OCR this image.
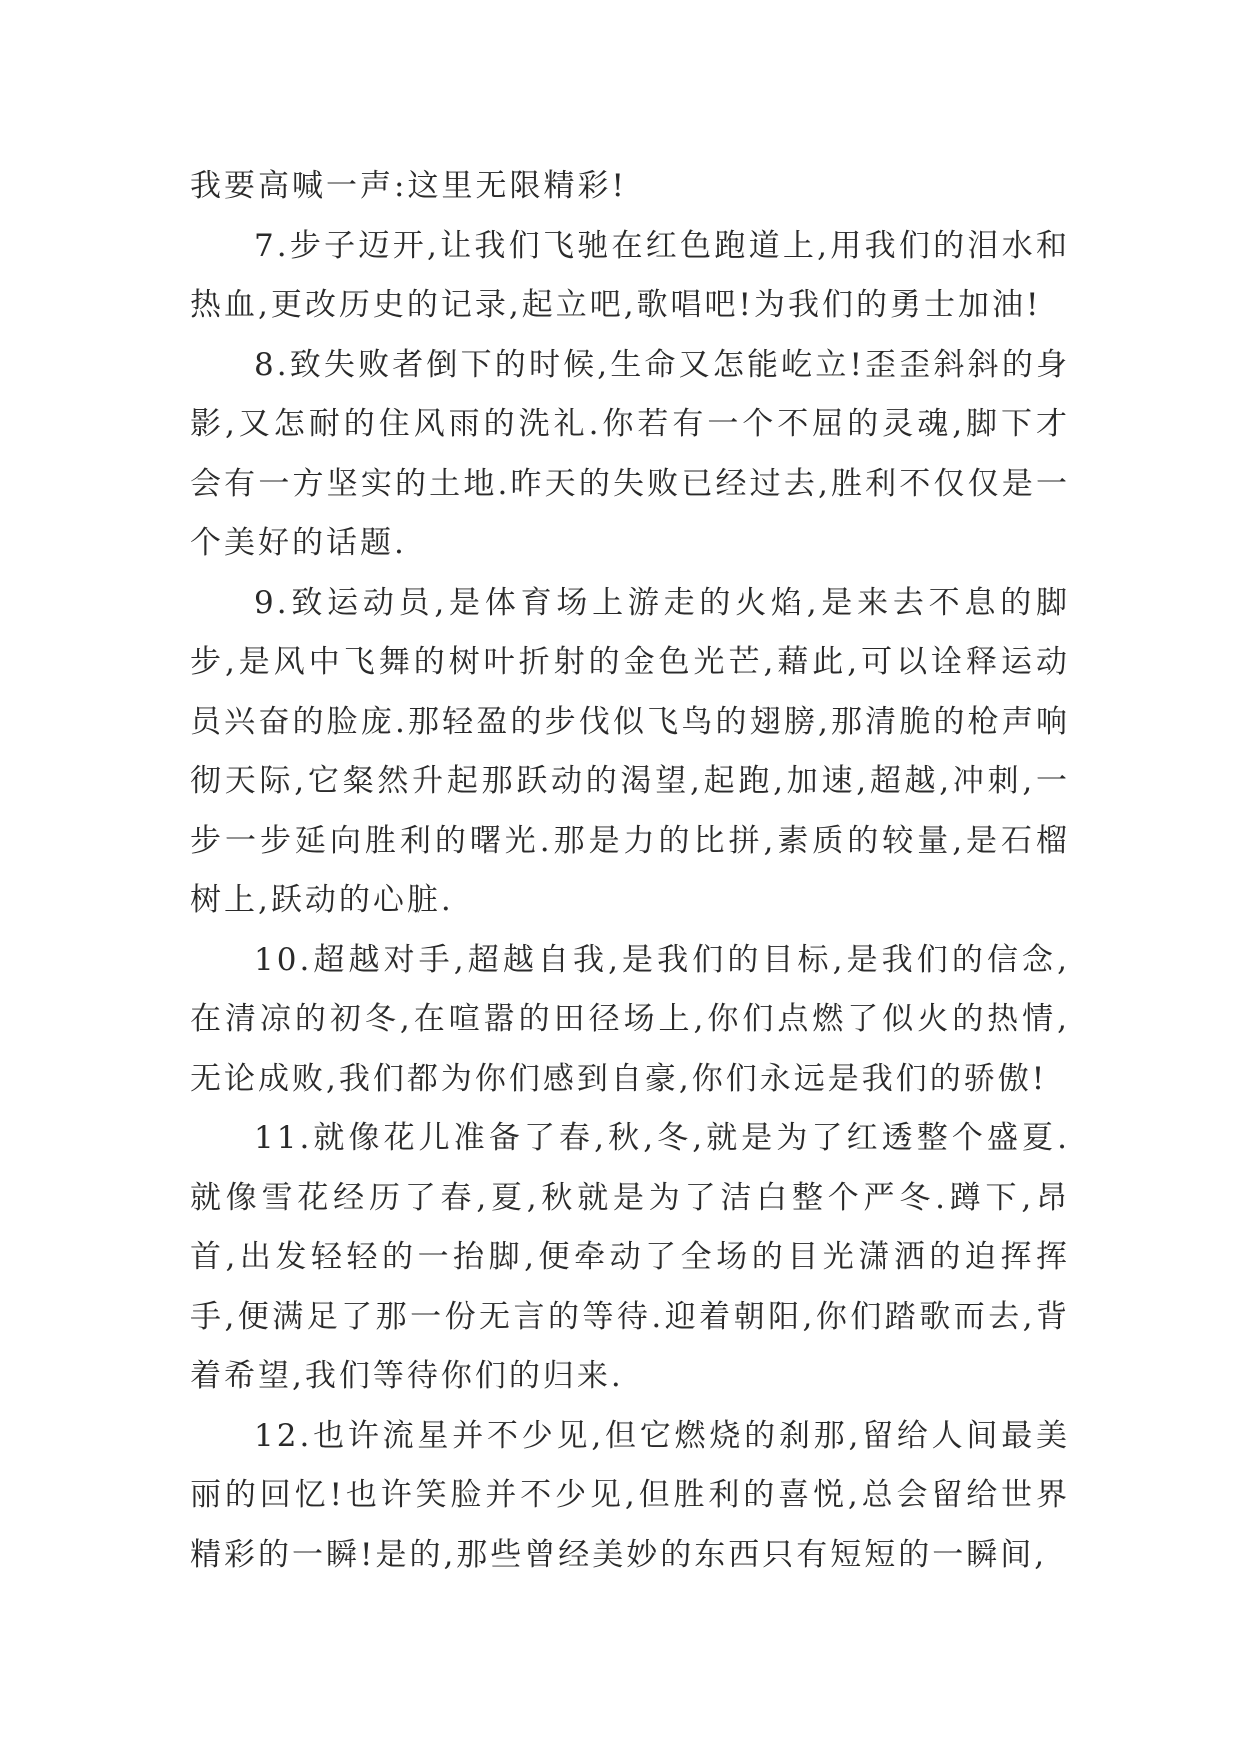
我要高喊一声:这里无限精彩!

7.步子迈开,让我们飞驰在红色跑道上,用我们的泪水和热血,更改历史的记录,起立吧,歌唱吧!为我们的勇士加油!

8.致失败者倒下的时候,生命又怎能屹立!歪歪斜斜的身影,又怎耐的住风雨的洗礼.你若有一个不屈的灵魂,脚下才会有一方坚实的土地.昨天的失败已经过去,胜利不仅仅是一个美好的话题.

9.致运动员,是体育场上游走的火焰,是来去不息的脚步,是风中飞舞的树叶折射的金色光芒,藉此,可以诠释运动员兴奋的脸庞.那轻盈的步伐似飞鸟的翅膀,那清脆的枪声响彻天际,它粲然升起那跃动的渴望,起跑,加速,超越,冲刺,一步一步延向胜利的曙光.那是力的比拼,素质的较量,是石榴树上,跃动的心脏.

10.超越对手,超越自我,是我们的目标,是我们的信念,在清凉的初冬,在喧嚣的田径场上,你们点燃了似火的热情,无论成败,我们都为你们感到自豪,你们永远是我们的骄傲!

11.就像花儿准备了春,秋,冬,就是为了红透整个盛夏.就像雪花经历了春,夏,秋就是为了洁白整个严冬.蹲下,昂首,出发轻轻的一抬脚,便牵动了全场的目光潇洒的迫挥挥手,便满足了那一份无言的等待.迎着朝阳,你们踏歌而去,背着希望,我们等待你们的归来.

12.也许流星并不少见,但它燃烧的刹那,留给人间最美丽的回忆!也许笑脸并不少见,但胜利的喜悦,总会留给世界精彩的一瞬!是的,那些曾经美妙的东西只有短短的一瞬间,
